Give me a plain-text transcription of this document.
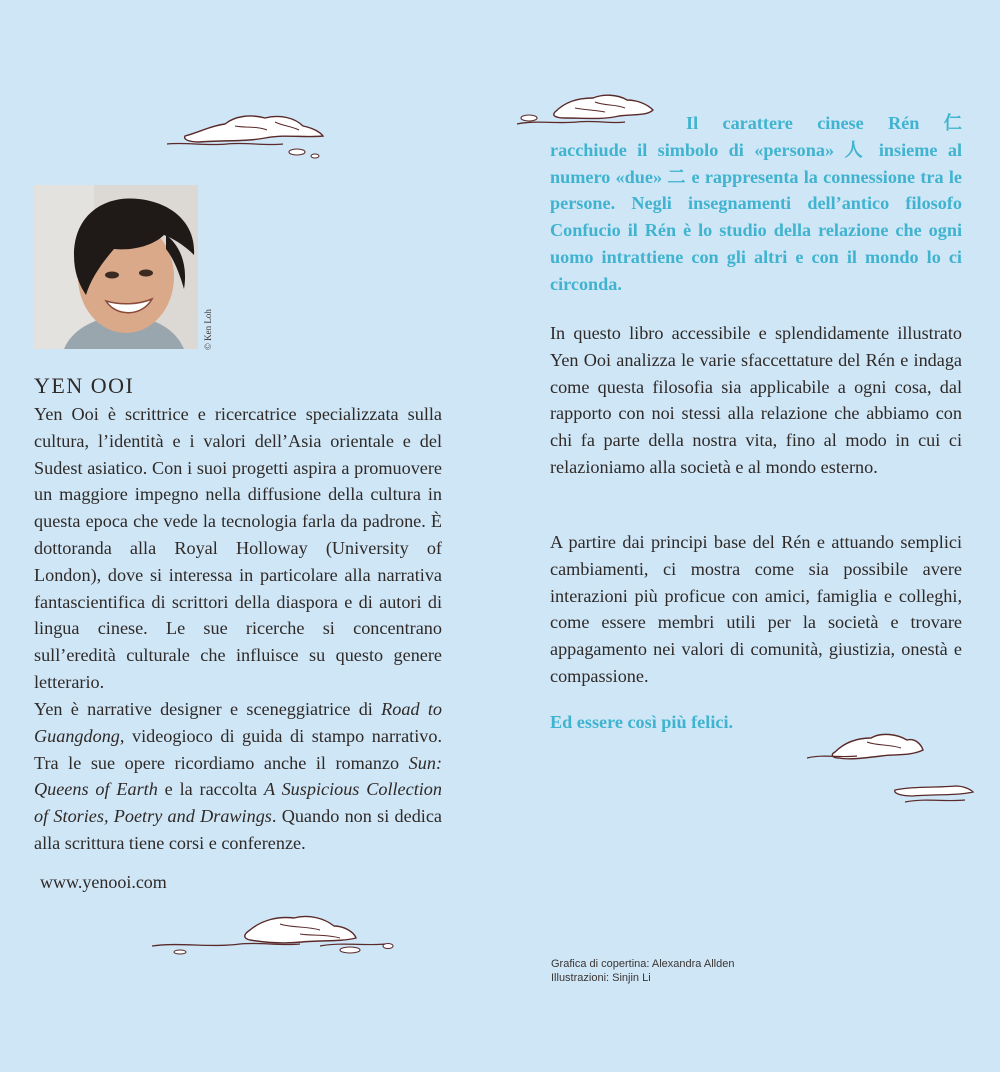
© Ken Loh
YEN OOI

Yen Ooi è scrittrice e ricercatrice specializzata sulla cultura, l’identità e i valori dell’Asia orientale e del Sudest asiatico. Con i suoi progetti aspira a promuovere un maggiore impegno nella diffusione della cultura in questa epoca che vede la tecnologia farla da padrone. È dottoranda alla Royal Holloway (University of London), dove si interessa in particolare alla narrativa fantascientifica di scrittori della diaspora e di autori di lingua cinese. Le sue ricerche si concentrano sull’eredità culturale che influisce su questo genere letterario.

Yen è narrative designer e sceneggiatrice di Road to Guangdong, videogioco di guida di stampo narrativo. Tra le sue opere ricordiamo anche il romanzo Sun: Queens of Earth e la raccolta A Suspicious Collection of Stories, Poetry and Drawings. Quando non si dedica alla scrittura tiene corsi e conferenze.

www.yenooi.com

Il carattere cinese Rén 仁 racchiude il simbolo di «persona» 人 insieme al numero «due» 二 e rappresenta la connessione tra le persone. Negli insegnamenti dell’antico filosofo Confucio il Rén è lo studio della relazione che ogni uomo intrattiene con gli altri e con il mondo lo ci circonda.

In questo libro accessibile e splendidamente illustrato Yen Ooi analizza le varie sfaccettature del Rén e indaga come questa filosofia sia applicabile a ogni cosa, dal rapporto con noi stessi alla relazione che abbiamo con chi fa parte della nostra vita, fino al modo in cui ci relazioniamo alla società e al mondo esterno.

A partire dai principi base del Rén e attuando semplici cambiamenti, ci mostra come sia possibile avere interazioni più proficue con amici, famiglia e colleghi, come essere membri utili per la società e trovare appagamento nei valori di comunità, giustizia, onestà e compassione.

Ed essere così più felici.

Grafica di copertina: Alexandra Allden
Illustrazioni: Sinjin Li
